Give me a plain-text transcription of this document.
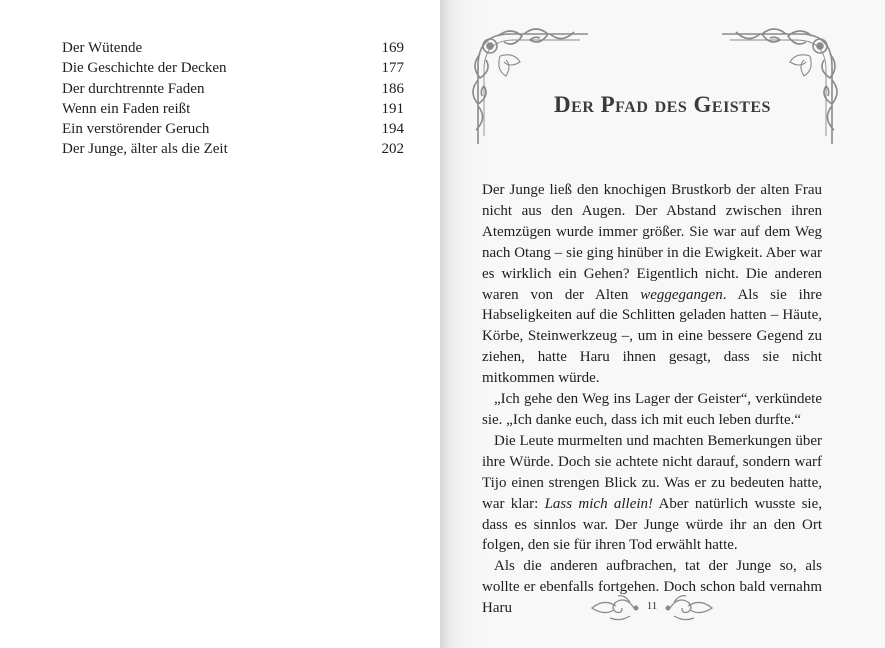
Der Wütende	169
Die Geschichte der Decken	177
Der durchtrennte Faden	186
Wenn ein Faden reißt	191
Ein verstörender Geruch	194
Der Junge, älter als die Zeit	202
Der Pfad des Geistes

Der Junge ließ den knochigen Brustkorb der alten Frau nicht aus den Augen. Der Abstand zwischen ihren Atemzügen wurde immer größer. Sie war auf dem Weg nach Otang – sie ging hinüber in die Ewigkeit. Aber war es wirklich ein Gehen? Eigentlich nicht. Die anderen waren von der Alten weggegangen. Als sie ihre Habseligkeiten auf die Schlitten geladen hatten – Häute, Körbe, Steinwerkzeug –, um in eine bessere Gegend zu ziehen, hatte Haru ihnen gesagt, dass sie nicht mitkommen würde.

„Ich gehe den Weg ins Lager der Geister“, verkündete sie. „Ich danke euch, dass ich mit euch leben durfte.“

Die Leute murmelten und machten Bemerkungen über ihre Würde. Doch sie achtete nicht darauf, sondern warf Tijo einen strengen Blick zu. Was er zu bedeuten hatte, war klar: Lass mich allein! Aber natürlich wusste sie, dass es sinnlos war. Der Junge würde ihr an den Ort folgen, den sie für ihren Tod erwählt hatte.

Als die anderen aufbrachen, tat der Junge so, als wollte er ebenfalls fortgehen. Doch schon bald vernahm Haru	11
